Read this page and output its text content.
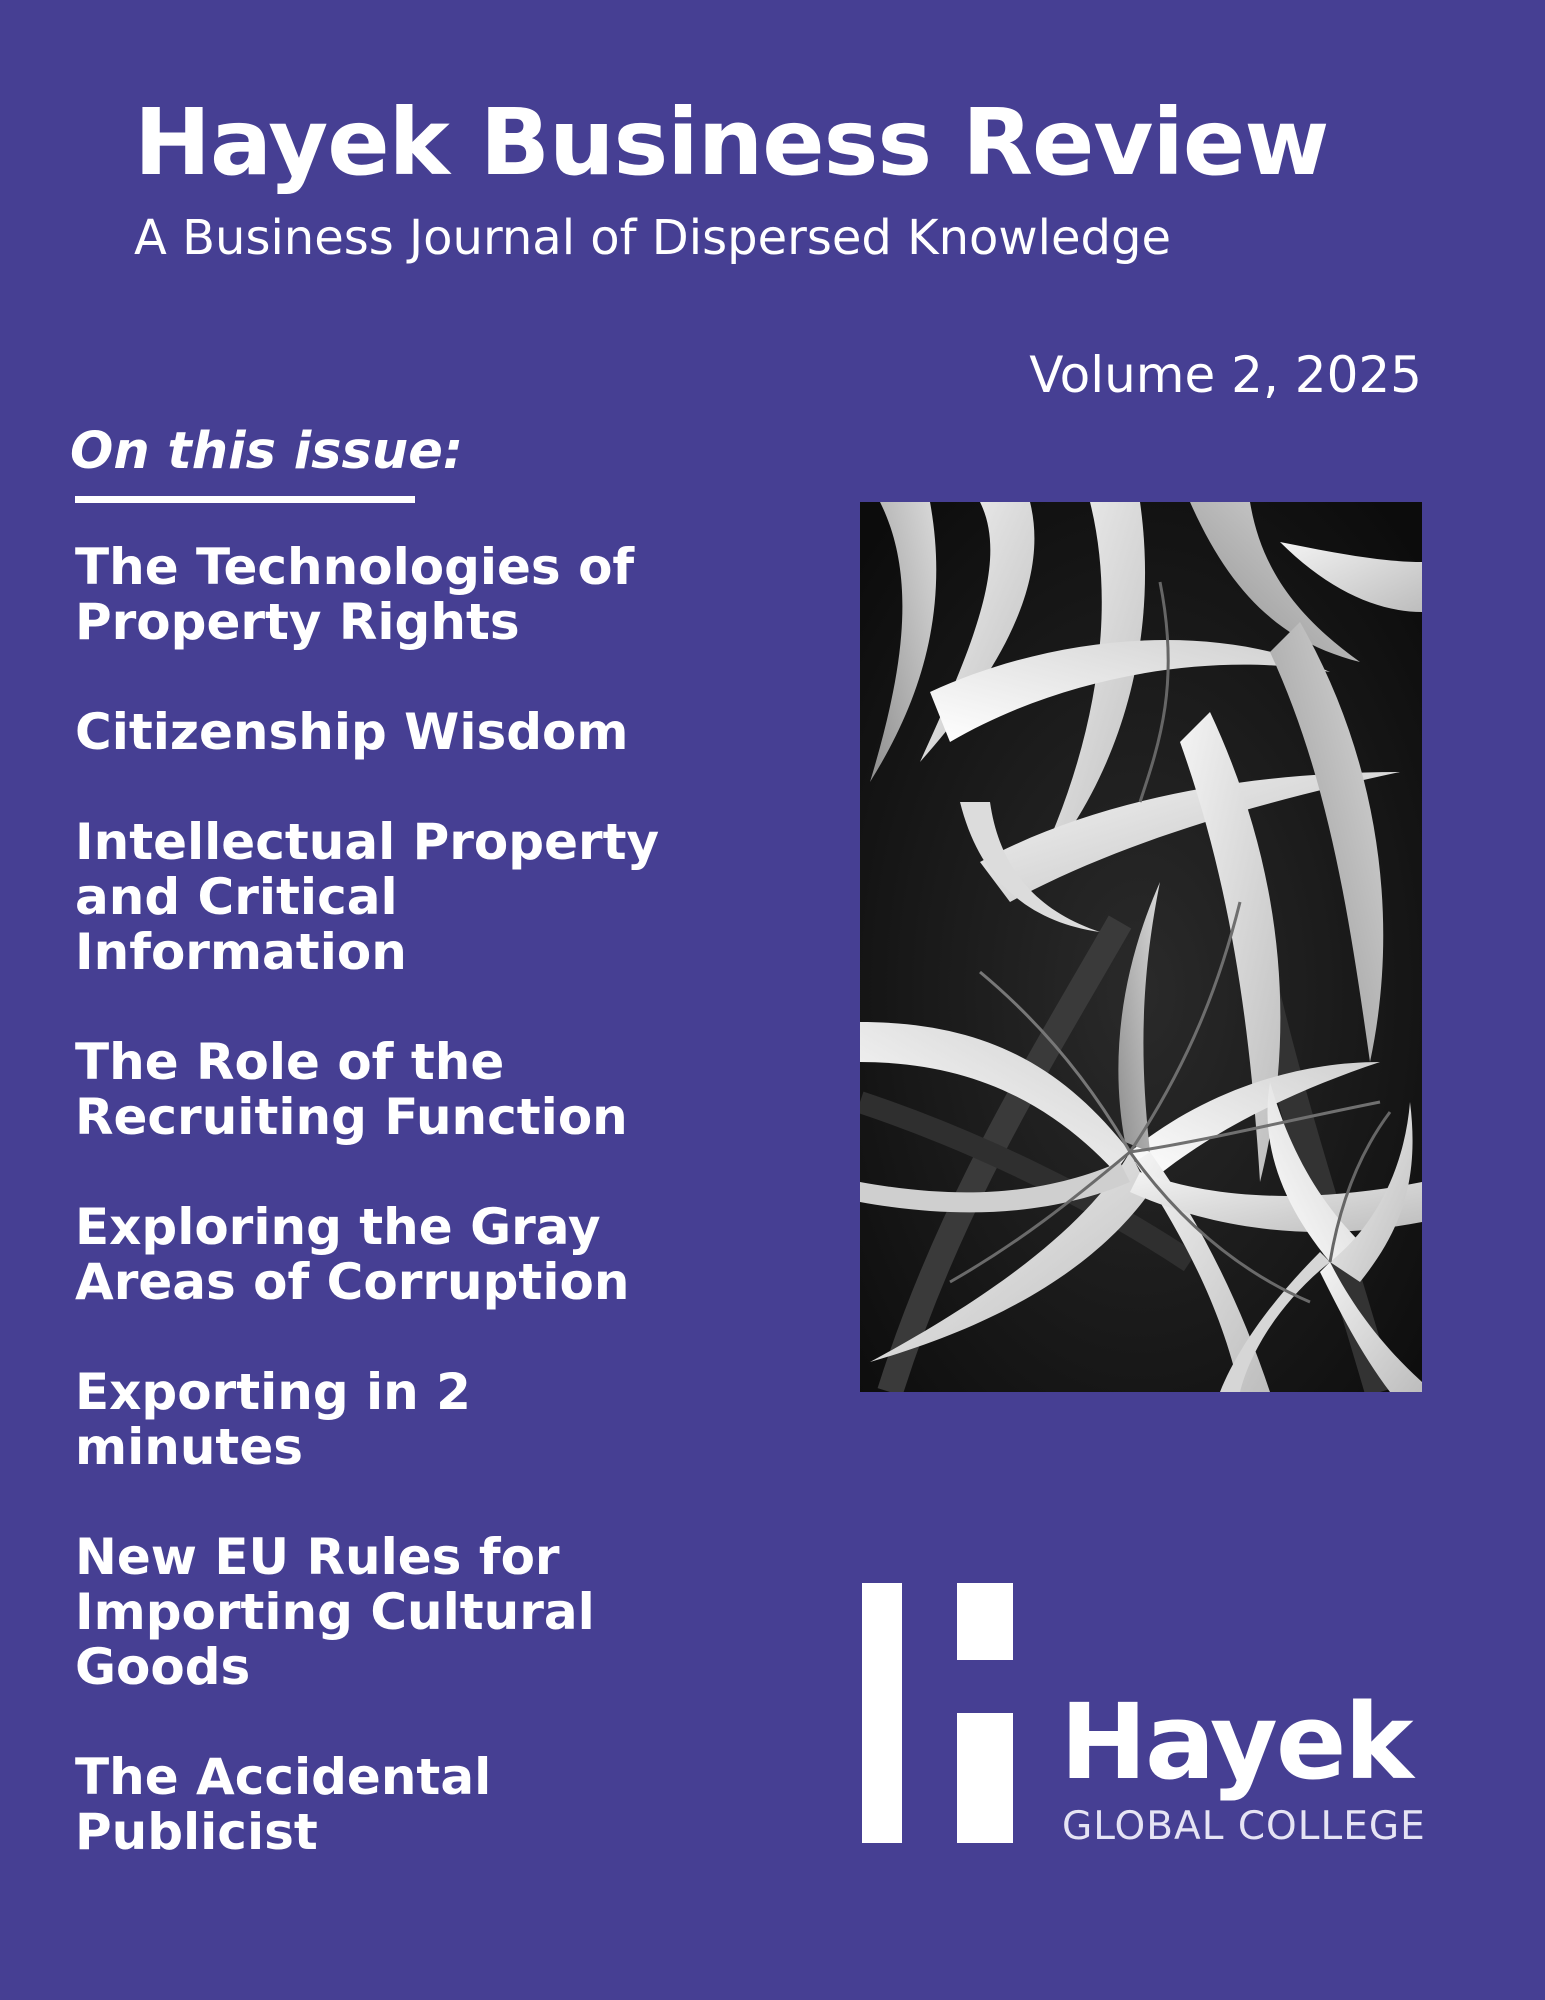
Hayek Business Review
A Business Journal of Dispersed Knowledge
Volume 2, 2025
On this issue:
The Technologies of
Property Rights
Citizenship Wisdom
Intellectual Property
and Critical Information
The Role of the
Recruiting Function
Exploring the Gray
Areas of Corruption
Exporting in 2 minutes
New EU Rules for
Importing Cultural
Goods
The Accidental Publicist
Hayek
GLOBAL COLLEGE
